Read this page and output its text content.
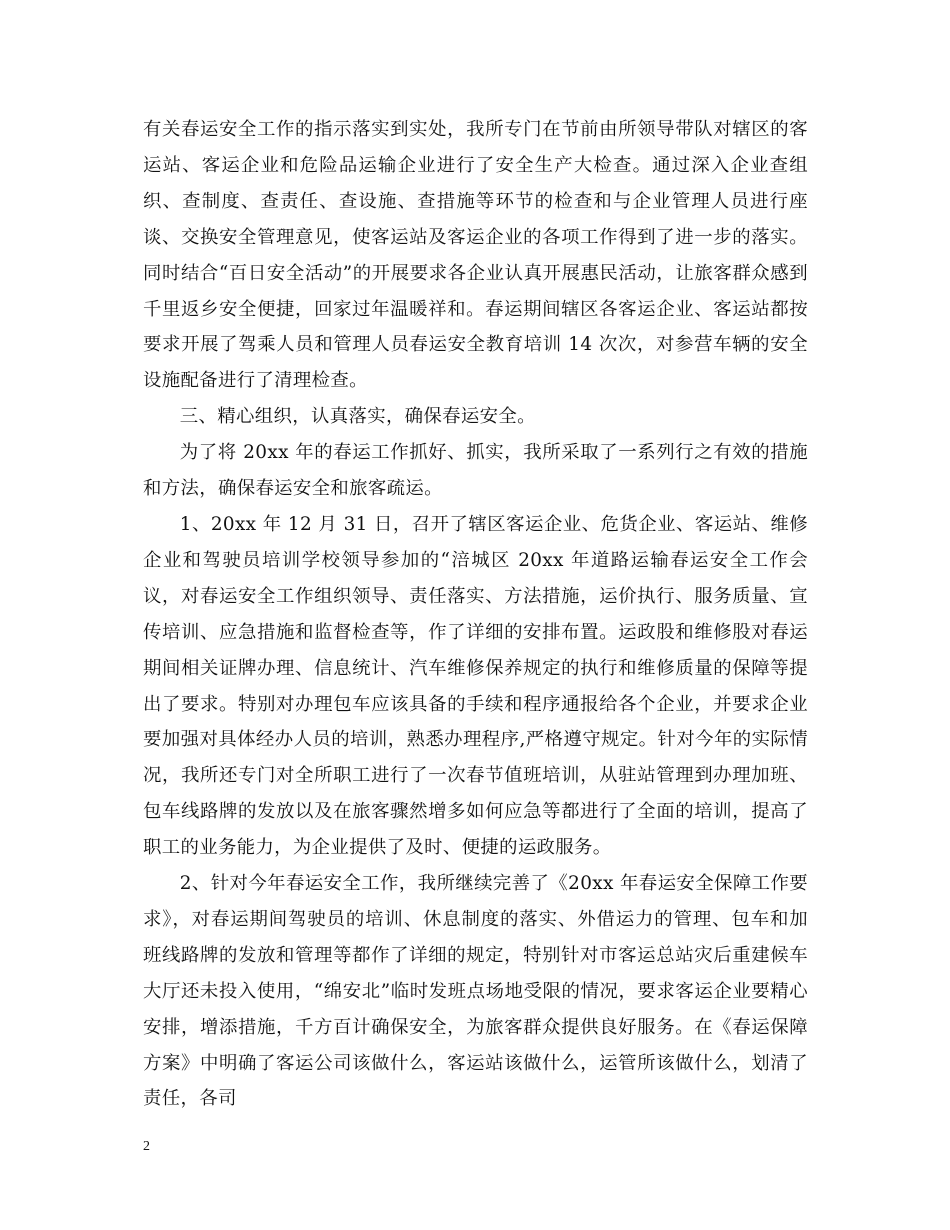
有关春运安全工作的指示落实到实处，我所专门在节前由所领导带队对辖区的客运站、客运企业和危险品运输企业进行了安全生产大检查。通过深入企业查组织、查制度、查责任、查设施、查措施等环节的检查和与企业管理人员进行座谈、交换安全管理意见，使客运站及客运企业的各项工作得到了进一步的落实。同时结合“百日安全活动”的开展要求各企业认真开展惠民活动，让旅客群众感到千里返乡安全便捷，回家过年温暖祥和。春运期间辖区各客运企业、客运站都按要求开展了驾乘人员和管理人员春运安全教育培训 14 次次，对参营车辆的安全设施配备进行了清理检查。

三、精心组织，认真落实，确保春运安全。

为了将 20xx 年的春运工作抓好、抓实，我所采取了一系列行之有效的措施和方法，确保春运安全和旅客疏运。

1、20xx 年 12 月 31 日，召开了辖区客运企业、危货企业、客运站、维修企业和驾驶员培训学校领导参加的“涪城区 20xx 年道路运输春运安全工作会议，对春运安全工作组织领导、责任落实、方法措施，运价执行、服务质量、宣传培训、应急措施和监督检查等，作了详细的安排布置。运政股和维修股对春运期间相关证牌办理、信息统计、汽车维修保养规定的执行和维修质量的保障等提出了要求。特别对办理包车应该具备的手续和程序通报给各个企业，并要求企业要加强对具体经办人员的培训，熟悉办理程序,严格遵守规定。针对今年的实际情况，我所还专门对全所职工进行了一次春节值班培训，从驻站管理到办理加班、包车线路牌的发放以及在旅客骤然增多如何应急等都进行了全面的培训，提高了职工的业务能力，为企业提供了及时、便捷的运政服务。

2、针对今年春运安全工作，我所继续完善了《20xx 年春运安全保障工作要求》，对春运期间驾驶员的培训、休息制度的落实、外借运力的管理、包车和加班线路牌的发放和管理等都作了详细的规定，特别针对市客运总站灾后重建候车大厅还未投入使用，“绵安北”临时发班点场地受限的情况，要求客运企业要精心安排，增添措施，千方百计确保安全，为旅客群众提供良好服务。在《春运保障方案》中明确了客运公司该做什么，客运站该做什么，运管所该做什么，划清了责任，各司

2
